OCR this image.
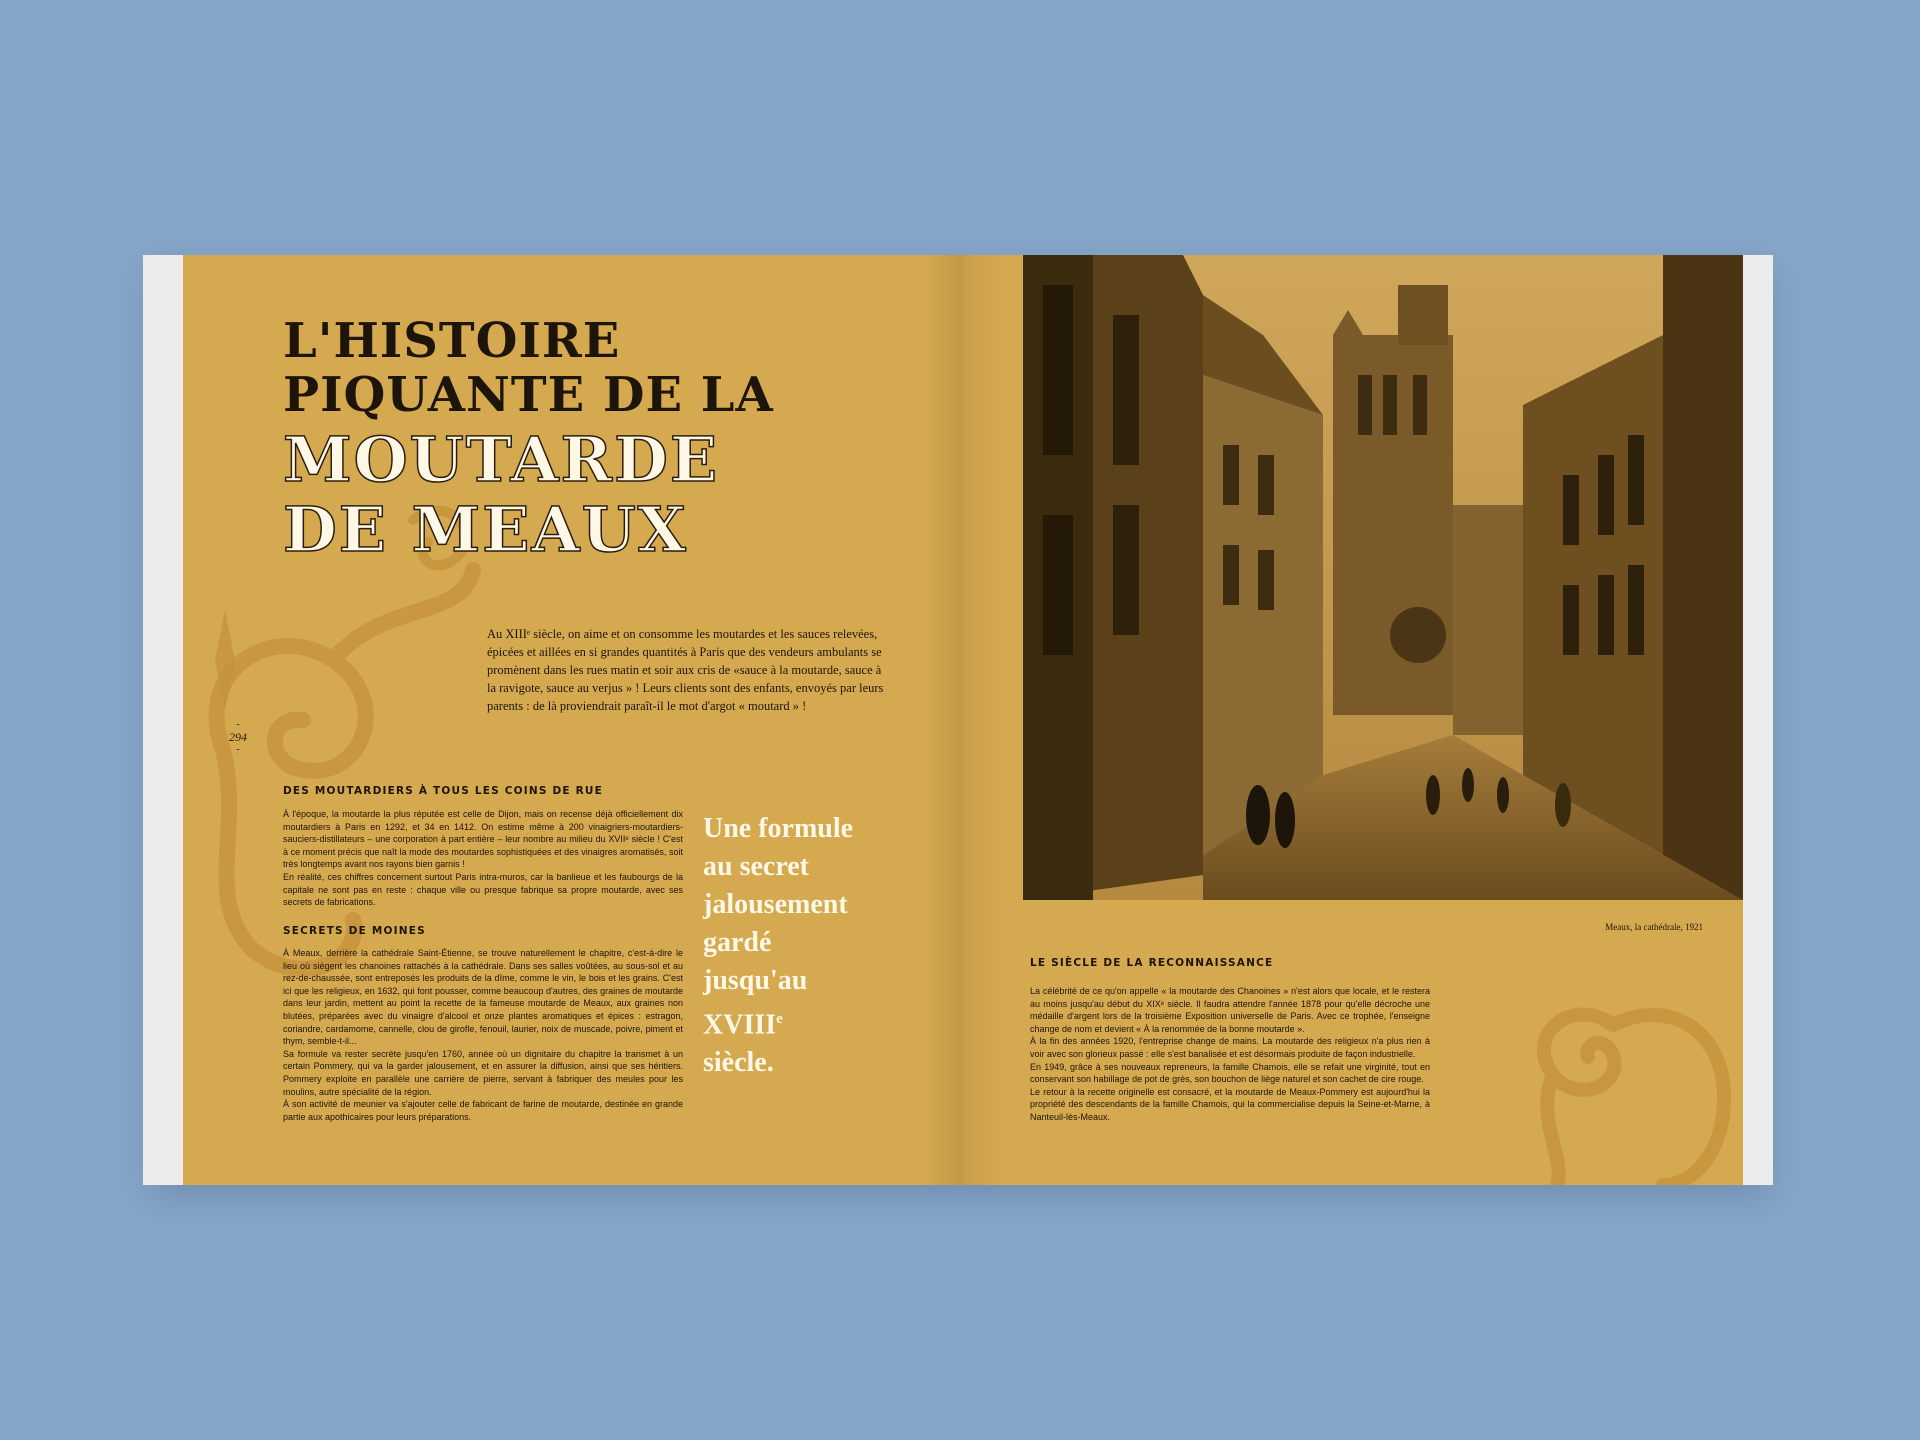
L'HISTOIRE
PIQUANTE DE LA
MOUTARDE
DE MEAUX
Au XIIIᵉ siècle, on aime et on consomme les moutardes et les sauces relevées, épicées et aillées en si grandes quantités à Paris que des vendeurs ambulants se promènent dans les rues matin et soir aux cris de «sauce à la moutarde, sauce à la ravigote, sauce au verjus » ! Leurs clients sont des enfants, envoyés par leurs parents : de là proviendrait paraît-il le mot d'argot « moutard » !
-
294
-
DES MOUTARDIERS À TOUS LES COINS DE RUE

À l'époque, la moutarde la plus réputée est celle de Dijon, mais on recense déjà officiellement dix moutardiers à Paris en 1292, et 34 en 1412. On estime même à 200 vinaigriers-moutardiers-sauciers-distillateurs – une corporation à part entière – leur nombre au milieu du XVIIᵉ siècle ! C'est à ce moment précis que naît la mode des moutardes sophistiquées et des vinaigres aromatisés, soit très longtemps avant nos rayons bien garnis !

En réalité, ces chiffres concernent surtout Paris intra-muros, car la banlieue et les faubourgs de la capitale ne sont pas en reste : chaque ville ou presque fabrique sa propre moutarde, avec ses secrets de fabrications.

SECRETS DE MOINES

À Meaux, derrière la cathédrale Saint-Étienne, se trouve naturellement le chapitre, c'est-à-dire le lieu où siègent les chanoines rattachés à la cathédrale. Dans ses salles voûtées, au sous-sol et au rez-de-chaussée, sont entreposés les produits de la dîme, comme le vin, le bois et les grains. C'est ici que les religieux, en 1632, qui font pousser, comme beaucoup d'autres, des graines de moutarde dans leur jardin, mettent au point la recette de la fameuse moutarde de Meaux, aux graines non blutées, préparées avec du vinaigre d'alcool et onze plantes aromatiques et épices : estragon, coriandre, cardamome, cannelle, clou de girofle, fenouil, laurier, noix de muscade, poivre, piment et thym, semble-t-il...

Sa formule va rester secrète jusqu'en 1760, année où un dignitaire du chapitre la transmet à un certain Pommery, qui va la garder jalousement, et en assurer la diffusion, ainsi que ses héritiers. Pommery exploite en parallèle une carrière de pierre, servant à fabriquer des meules pour les moulins, autre spécialité de la région.

À son activité de meunier va s'ajouter celle de fabricant de farine de moutarde, destinée en grande partie aux apothicaires pour leurs préparations.

Une formule
au secret
jalousement
gardé
jusqu'au
XVIIIe
siècle.
Meaux, la cathédrale, 1921
LE SIÈCLE DE LA RECONNAISSANCE

La célébrité de ce qu'on appelle « la moutarde des Chanoines » n'est alors que locale, et le restera au moins jusqu'au début du XIXᵉ siècle. Il faudra attendre l'année 1878 pour qu'elle décroche une médaille d'argent lors de la troisième Exposition universelle de Paris. Avec ce trophée, l'enseigne change de nom et devient « À la renommée de la bonne moutarde ».

À la fin des années 1920, l'entreprise change de mains. La moutarde des religieux n'a plus rien à voir avec son glorieux passé : elle s'est banalisée et est désormais produite de façon industrielle.

En 1949, grâce à ses nouveaux repreneurs, la famille Chamois, elle se refait une virginité, tout en conservant son habillage de pot de grès, son bouchon de liège naturel et son cachet de cire rouge.

Le retour à la recette originelle est consacré, et la moutarde de Meaux-Pommery est aujourd'hui la propriété des descendants de la famille Chamois, qui la commercialise depuis la Seine-et-Marne, à Nanteuil-lès-Meaux.
